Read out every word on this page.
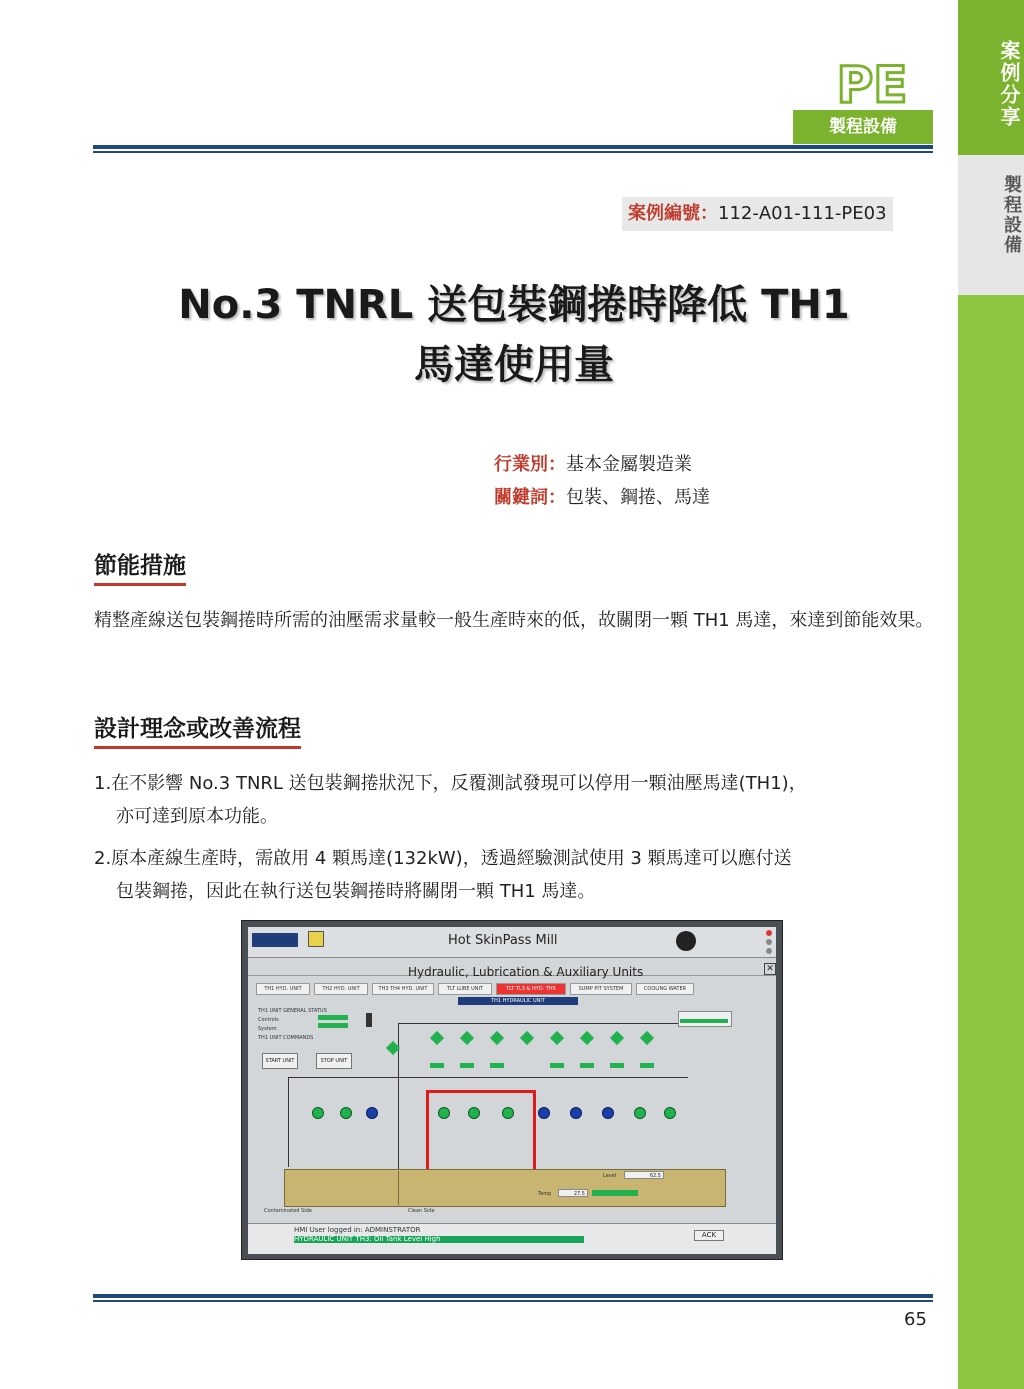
案例分享
製程設備
PE
製程設備
案例編號：112-A01-111-PE03
No.3 TNRL 送包裝鋼捲時降低 TH1
馬達使用量
行業別：基本金屬製造業
關鍵詞：包裝、鋼捲、馬達
節能措施
精整產線送包裝鋼捲時所需的油壓需求量較一般生產時來的低，故關閉一顆 TH1 馬達，來達到節能效果。
設計理念或改善流程
1.在不影響 No.3 TNRL 送包裝鋼捲狀況下，反覆測試發現可以停用一顆油壓馬達(TH1)，
亦可達到原本功能。
2.原本產線生產時，需啟用 4 顆馬達(132kW)，透過經驗測試使用 3 顆馬達可以應付送
包裝鋼捲，因此在執行送包裝鋼捲時將關閉一顆 TH1 馬達。
Hot SkinPass Mill
Hydraulic, Lubrication & Auxiliary Units	✕
TH1 HYD. UNIT	TH2 HYD. UNIT	TH3 TH4 HYD. UNIT	TLT LUBE UNIT	TLT TL3 & HYD. TH5	SUMP PIT SYSTEM	COOLING WATER
TH1 HYDRAULIC UNIT
TH1 UNIT GENERAL STATUS
Controls
System
TH1 UNIT COMMANDS
START UNIT	STOP UNIT
Contaminated Side	Clean Side
Level	62.5
Temp	27.5
HMI User logged in: ADMINSTRATOR
HYDRAULIC UNIT TH3: Oil Tank Level High	ACK
65
